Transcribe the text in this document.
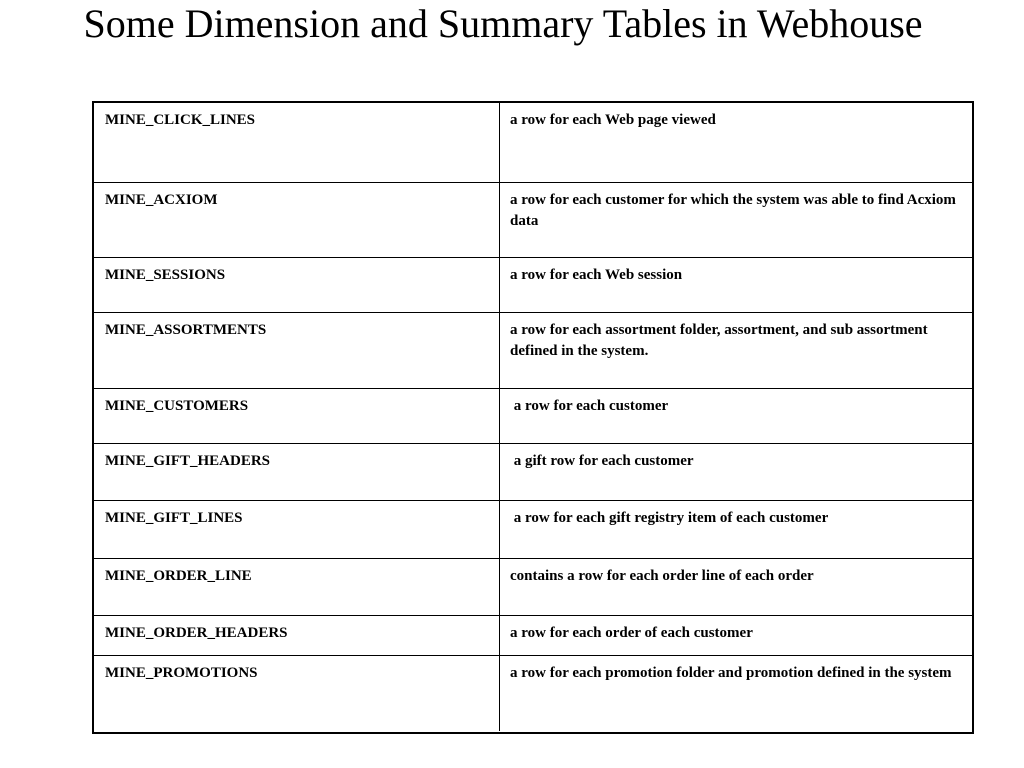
Some Dimension and Summary Tables in Webhouse
MINE_CLICK_LINES	a row for each Web page viewed
MINE_ACXIOM	a row for each customer for which the system was able to find Acxiom data
MINE_SESSIONS	a row for each Web session
MINE_ASSORTMENTS	a row for each assortment folder, assortment, and sub assortment defined in the system.
MINE_CUSTOMERS	a row for each customer
MINE_GIFT_HEADERS	a gift row for each customer
MINE_GIFT_LINES	a row for each gift registry item of each customer
MINE_ORDER_LINE	contains a row for each order line of each order
MINE_ORDER_HEADERS	a row for each order of each customer
MINE_PROMOTIONS	a row for each promotion folder and promotion defined in the system
